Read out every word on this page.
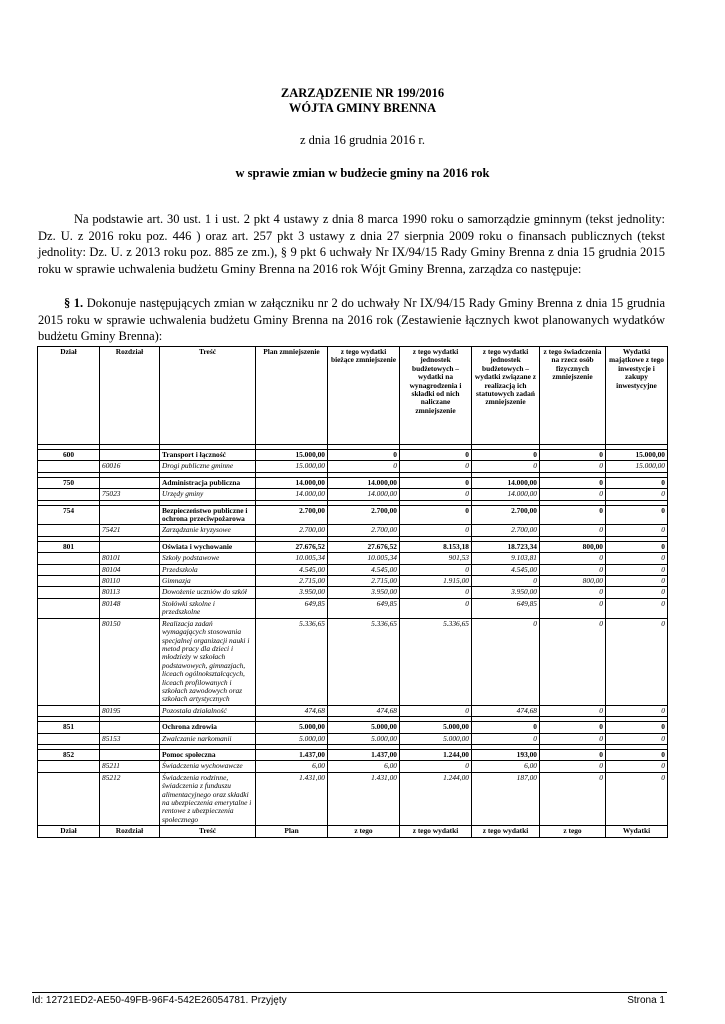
ZARZĄDZENIE NR 199/2016
WÓJTA GMINY BRENNA
z dnia 16 grudnia 2016 r.
w sprawie zmian w budżecie gminy na 2016 rok
Na podstawie art. 30 ust. 1 i ust. 2 pkt 4 ustawy z dnia 8 marca 1990 roku o samorządzie gminnym (tekst jednolity: Dz. U. z 2016 roku poz. 446 ) oraz art. 257 pkt 3 ustawy z dnia 27 sierpnia 2009 roku o finansach publicznych (tekst jednolity: Dz. U. z 2013 roku poz. 885 ze zm.), § 9 pkt 6 uchwały Nr IX/94/15 Rady Gminy Brenna z dnia 15 grudnia 2015 roku w sprawie uchwalenia budżetu Gminy Brenna na 2016 rok Wójt Gminy Brenna, zarządza co następuje:
§ 1. Dokonuje następujących zmian w załączniku nr 2 do uchwały Nr IX/94/15 Rady Gminy Brenna z dnia 15 grudnia 2015 roku w sprawie uchwalenia budżetu Gminy Brenna na 2016 rok (Zestawienie łącznych kwot planowanych wydatków budżetu Gminy Brenna):
Dział	Rozdział	Treść	Plan zmniejszenie	z tego wydatki bieżące zmniejszenie	z tego wydatki jednostek budżetowych – wydatki na wynagrodzenia i składki od nich naliczane zmniejszenie	z tego wydatki jednostek budżetowych – wydatki związane z realizacją ich statutowych zadań zmniejszenie	z tego świadczenia na rzecz osób fizycznych zmniejszenie	Wydatki majątkowe z tego inwestycje i zakupy inwestycyjne

600		Transport i łączność	15.000,00	0	0	0	0	15.000,00
	60016	Drogi publiczne gminne	15.000,00	0	0	0	0	15.000,00

750		Administracja publiczna	14.000,00	14.000,00	0	14.000,00	0	0
	75023	Urzędy gminy	14.000,00	14.000,00	0	14.000,00	0	0

754		Bezpieczeństwo publiczne i ochrona przeciwpożarowa	2.700,00	2.700,00	0	2.700,00	0	0
	75421	Zarządzanie kryzysowe	2.700,00	2.700,00	0	2.700,00	0	0

801		Oświata i wychowanie	27.676,52	27.676,52	8.153,18	18.723,34	800,00	0
	80101	Szkoły podstawowe	10.005,34	10.005,34	901,53	9.103,81	0	0
	80104	Przedszkola	4.545,00	4.545,00	0	4.545,00	0	0
	80110	Gimnazja	2.715,00	2.715,00	1.915,00	0	800,00	0
	80113	Dowożenie uczniów do szkół	3.950,00	3.950,00	0	3.950,00	0	0
	80148	Stołówki szkolne i przedszkolne	649,85	649,85	0	649,85	0	0
	80150	Realizacja zadań wymagających stosowania specjalnej organizacji nauki i metod pracy dla dzieci i młodzieży w szkołach podstawowych, gimnazjach, liceach ogólnokształcących, liceach profilowanych i szkołach zawodowych oraz szkołach artystycznych	5.336,65	5.336,65	5.336,65	0	0	0
	80195	Pozostała działalność	474,68	474,68	0	474,68	0	0

851		Ochrona zdrowia	5.000,00	5.000,00	5.000,00	0	0	0
	85153	Zwalczanie narkomanii	5.000,00	5.000,00	5.000,00	0	0	0

852		Pomoc społeczna	1.437,00	1.437,00	1.244,00	193,00	0	0
	85211	Świadczenia wychowawcze	6,00	6,00	0	6,00	0	0
	85212	Świadczenia rodzinne, świadczenia z funduszu alimentacyjnego oraz składki na ubezpieczenia emerytalne i rentowe z ubezpieczenia społecznego	1.431,00	1.431,00	1.244,00	187,00	0	0
Dział	Rozdział	Treść	Plan	z tego	z tego wydatki	z tego wydatki	z tego	Wydatki
Id: 12721ED2-AE50-49FB-96F4-542E26054781. Przyjęty	Strona 1
